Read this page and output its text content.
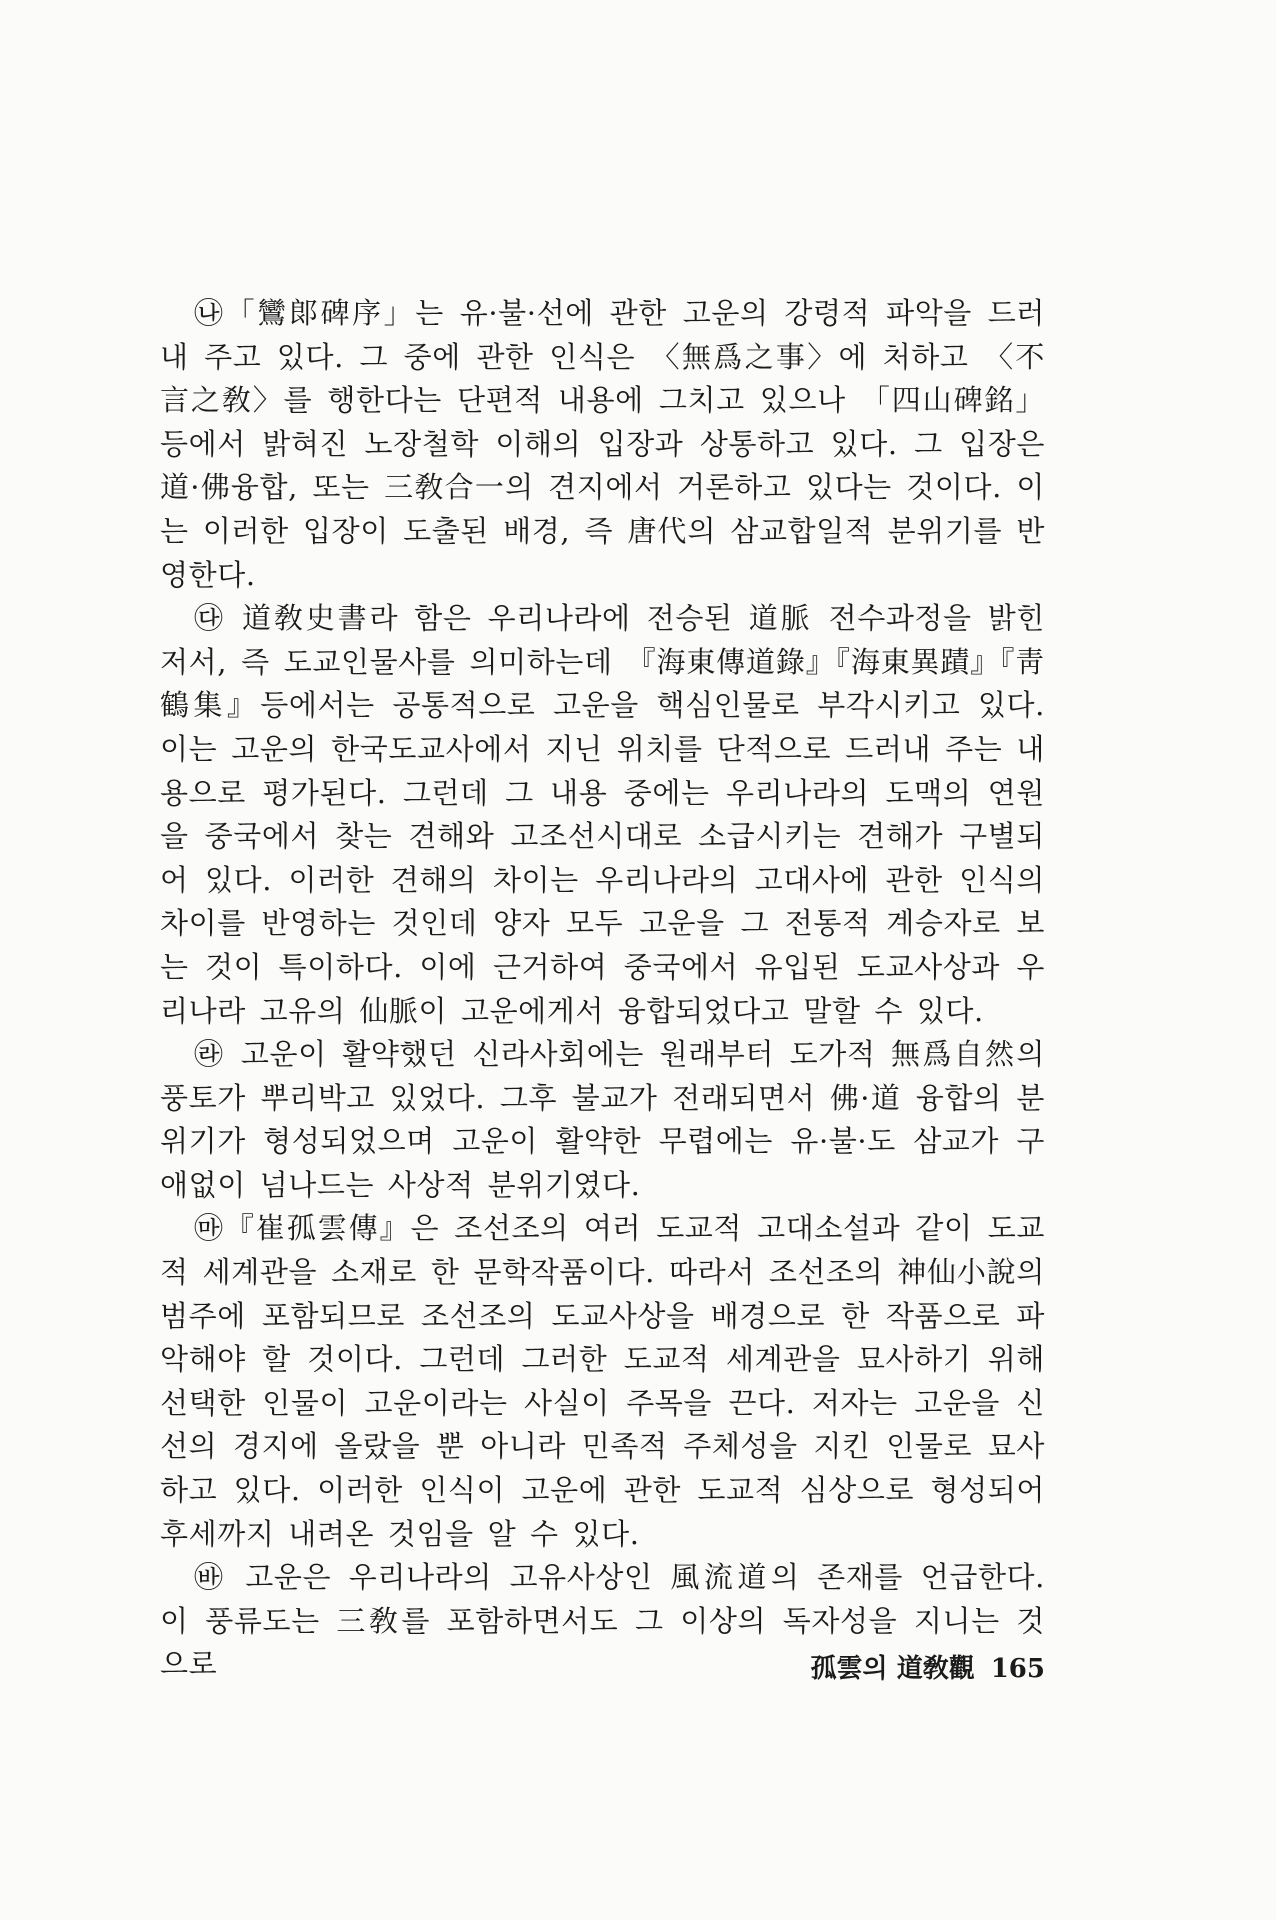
㉯「鸞郞碑序」는 유·불·선에 관한 고운의 강령적 파악을 드러내 주고 있다. 그 중에 관한 인식은 〈無爲之事〉에 처하고 〈不言之敎〉를 행한다는 단편적 내용에 그치고 있으나 「四山碑銘」등에서 밝혀진 노장철학 이해의 입장과 상통하고 있다. 그 입장은 道·佛융합, 또는 三敎合一의 견지에서 거론하고 있다는 것이다. 이는 이러한 입장이 도출된 배경, 즉 唐代의 삼교합일적 분위기를 반영한다.

㉰ 道敎史書라 함은 우리나라에 전승된 道脈 전수과정을 밝힌 저서, 즉 도교인물사를 의미하는데 『海東傳道錄』『海東異蹟』『靑鶴集』등에서는 공통적으로 고운을 핵심인물로 부각시키고 있다. 이는 고운의 한국도교사에서 지닌 위치를 단적으로 드러내 주는 내용으로 평가된다. 그런데 그 내용 중에는 우리나라의 도맥의 연원을 중국에서 찾는 견해와 고조선시대로 소급시키는 견해가 구별되어 있다. 이러한 견해의 차이는 우리나라의 고대사에 관한 인식의 차이를 반영하는 것인데 양자 모두 고운을 그 전통적 계승자로 보는 것이 특이하다. 이에 근거하여 중국에서 유입된 도교사상과 우리나라 고유의 仙脈이 고운에게서 융합되었다고 말할 수 있다.

㉱ 고운이 활약했던 신라사회에는 원래부터 도가적 無爲自然의 풍토가 뿌리박고 있었다. 그후 불교가 전래되면서 佛·道 융합의 분위기가 형성되었으며 고운이 활약한 무렵에는 유·불·도 삼교가 구애없이 넘나드는 사상적 분위기였다.

㉲『崔孤雲傳』은 조선조의 여러 도교적 고대소설과 같이 도교적 세계관을 소재로 한 문학작품이다. 따라서 조선조의 神仙小說의 범주에 포함되므로 조선조의 도교사상을 배경으로 한 작품으로 파악해야 할 것이다. 그런데 그러한 도교적 세계관을 묘사하기 위해 선택한 인물이 고운이라는 사실이 주목을 끈다. 저자는 고운을 신선의 경지에 올랐을 뿐 아니라 민족적 주체성을 지킨 인물로 묘사하고 있다. 이러한 인식이 고운에 관한 도교적 심상으로 형성되어 후세까지 내려온 것임을 알 수 있다.

㉳ 고운은 우리나라의 고유사상인 風流道의 존재를 언급한다. 이 풍류도는 三敎를 포함하면서도 그 이상의 독자성을 지니는 것으로	孤雲의 道敎觀 165
